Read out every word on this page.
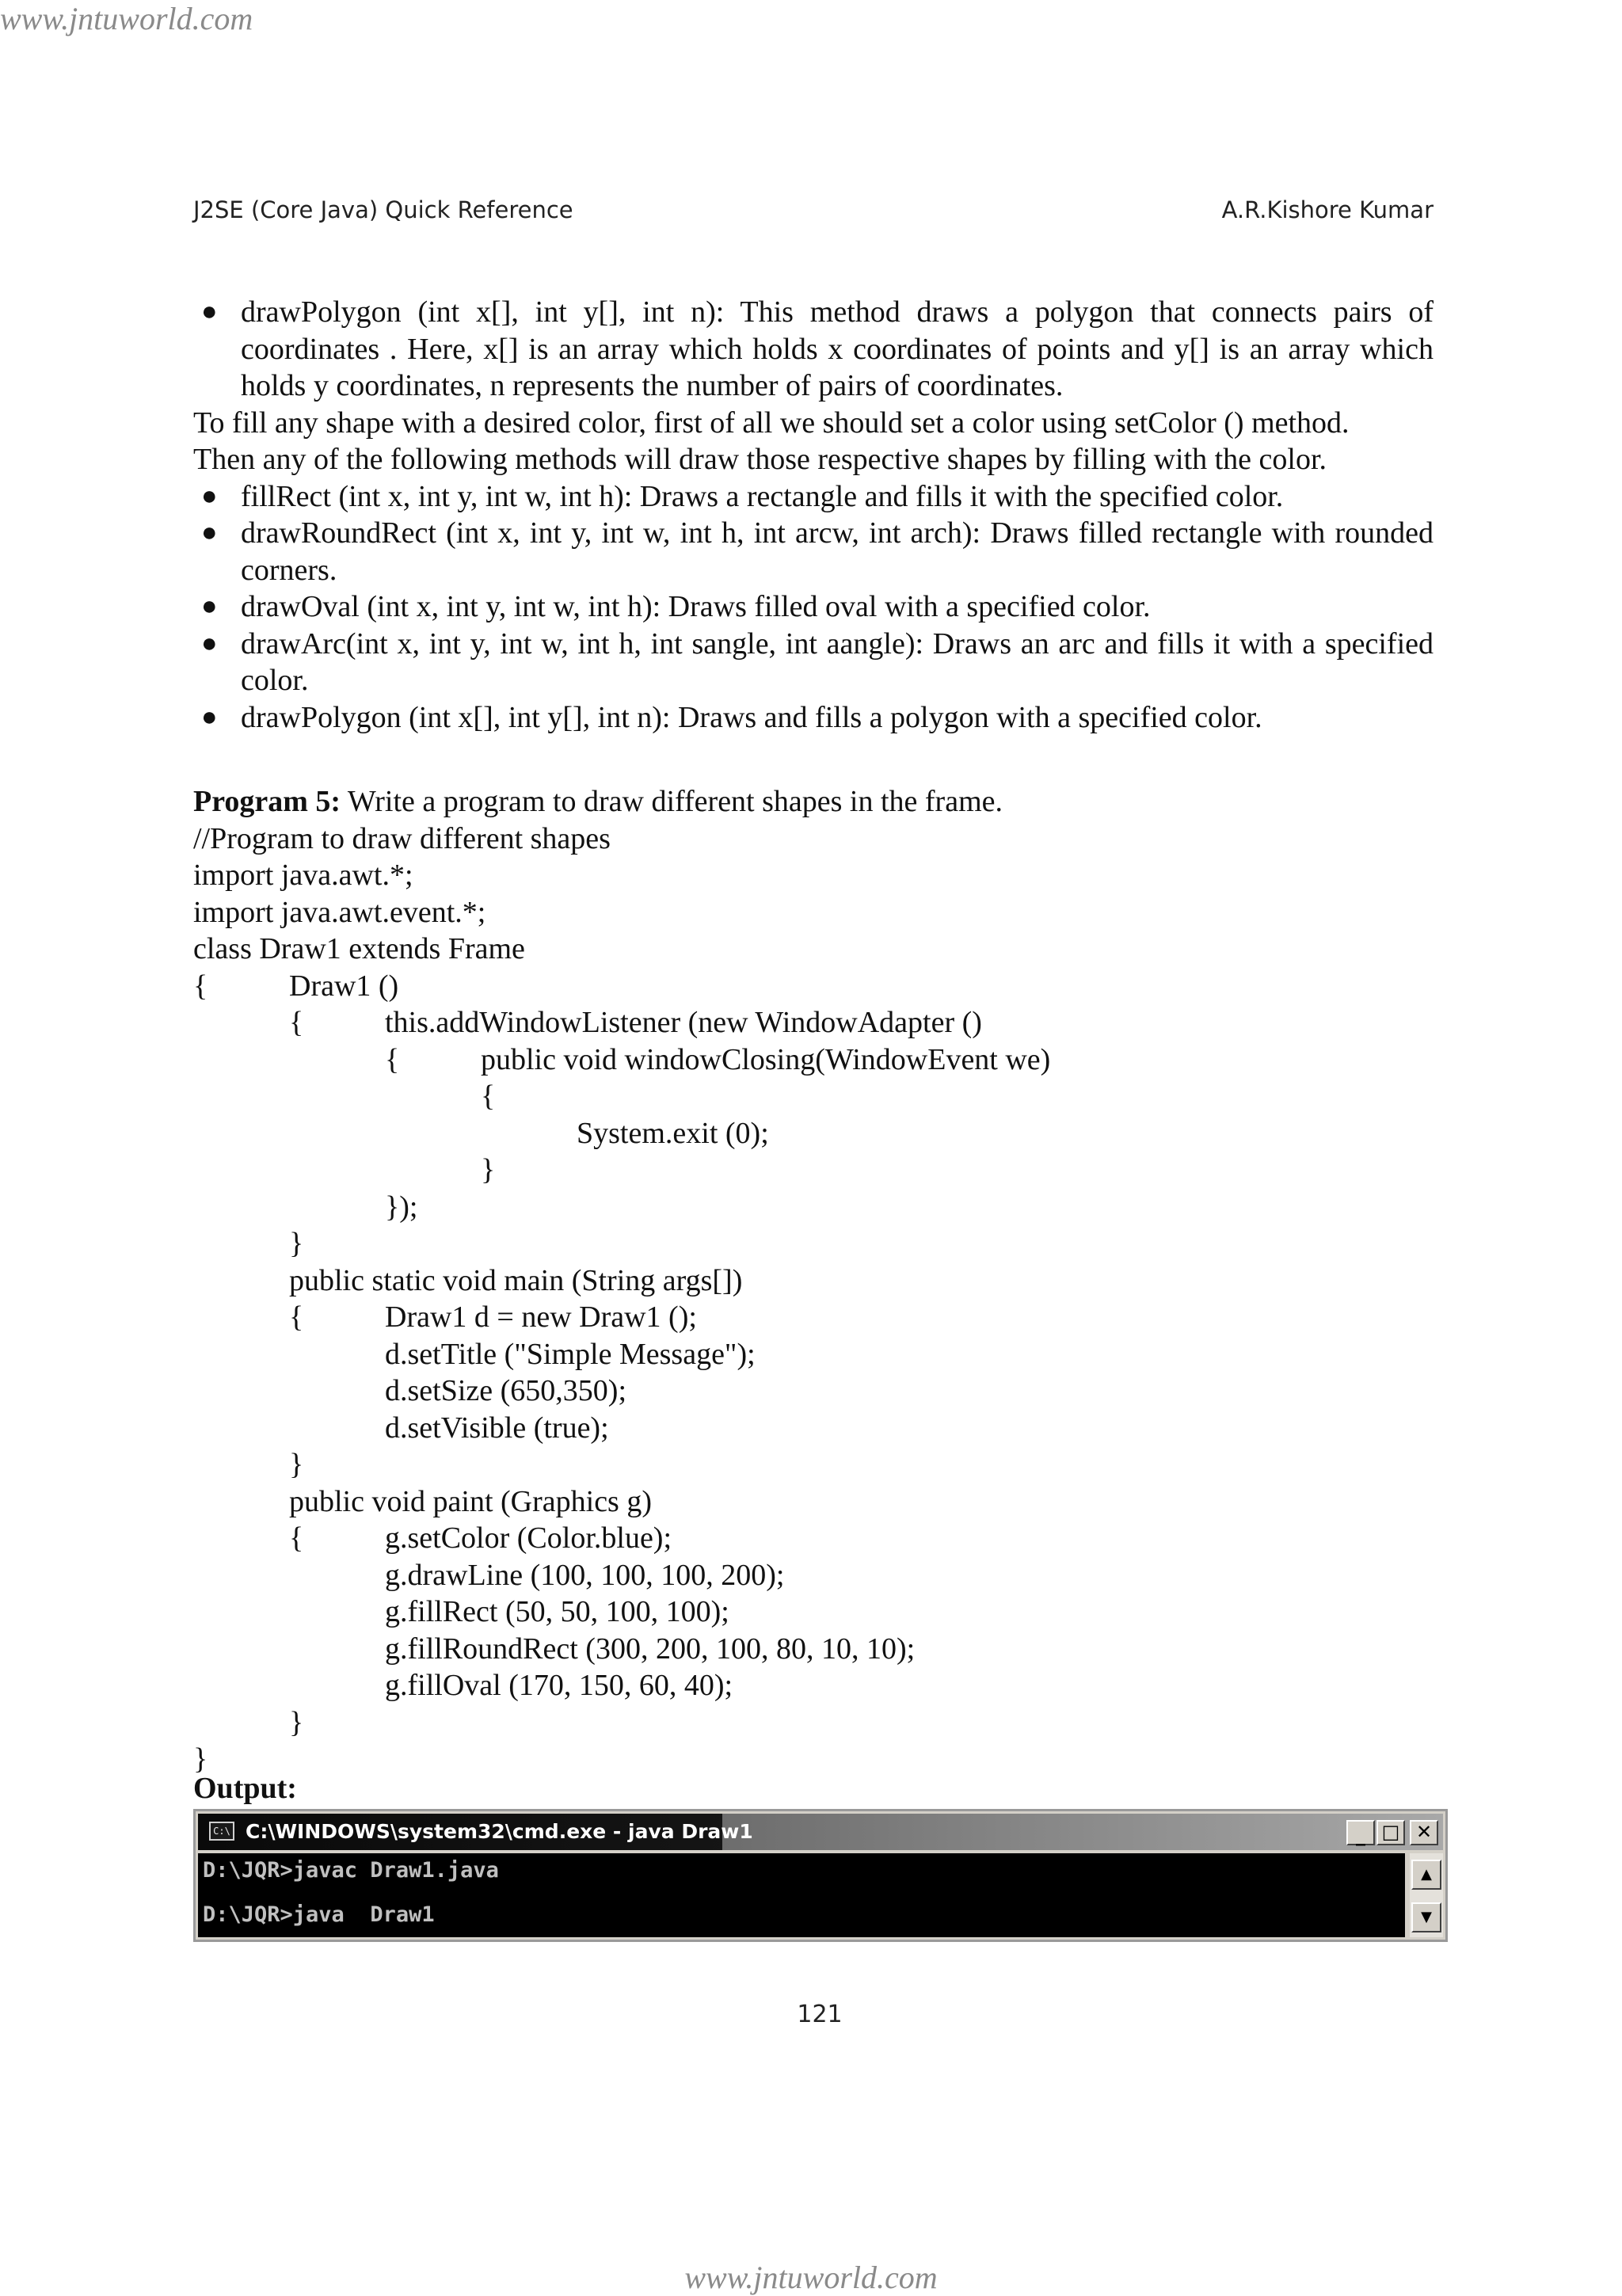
www.jntuworld.com
J2SE (Core Java) Quick Reference	A.R.Kishore Kumar
● drawPolygon (int x[], int y[], int n): This method draws a polygon that connects pairs of coordinates . Here, x[] is an array which holds x coordinates of points and y[] is an array which holds y coordinates, n represents the number of pairs of coordinates.
To fill any shape with a desired color, first of all we should set a color using setColor () method.
Then any of the following methods will draw those respective shapes by filling with the color.
● fillRect (int x, int y, int w, int h): Draws a rectangle and fills it with the specified color.
● drawRoundRect (int x, int y, int w, int h, int arcw, int arch): Draws filled rectangle with rounded corners.
● drawOval (int x, int y, int w, int h): Draws filled oval with a specified color.
● drawArc(int x, int y, int w, int h, int sangle, int aangle): Draws an arc and fills it with a specified color.
● drawPolygon (int x[], int y[], int n): Draws and fills a polygon with a specified color.
Program 5: Write a program to draw different shapes in the frame.
//Program to draw different shapes
import java.awt.*;
import java.awt.event.*;
class Draw1 extends Frame
{	Draw1 ()
{	this.addWindowListener (new WindowAdapter ()
{	public void windowClosing(WindowEvent we)
{
System.exit (0);
}
});
}
public static void main (String args[])
{	Draw1 d = new Draw1 ();
d.setTitle ("Simple Message");
d.setSize (650,350);
d.setVisible (true);
}
public void paint (Graphics g)
{	g.setColor (Color.blue);
g.drawLine (100, 100, 100, 200);
g.fillRect (50, 50, 100, 100);
g.fillRoundRect (300, 200, 100, 80, 10, 10);
g.fillOval (170, 150, 60, 40);
}
}
Output:
C:\ C:\WINDOWS\system32\cmd.exe - java Draw1	_ □ ✕
D:\JQR>javac Draw1.java
D:\JQR>java  Draw1
▲
▼
121
www.jntuworld.com
